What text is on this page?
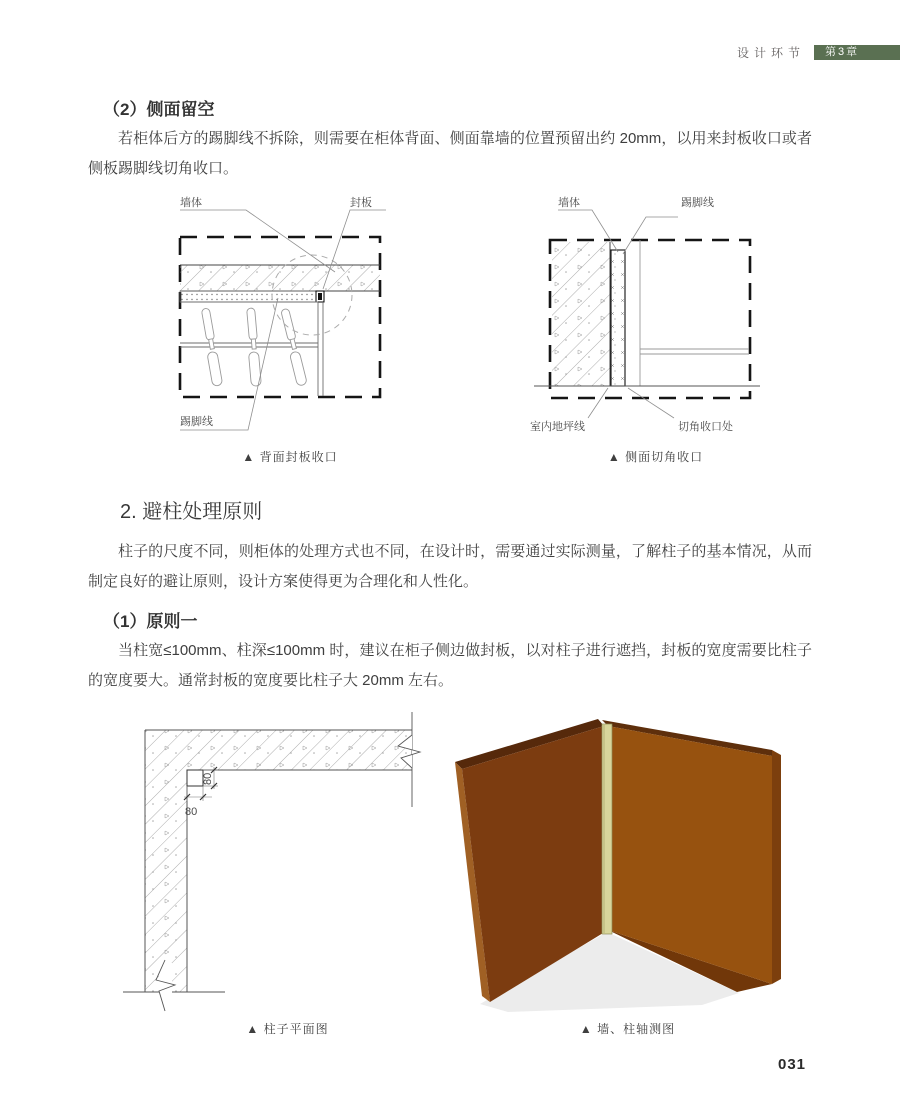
设计环节	第3章
（2）侧面留空
若柜体后方的踢脚线不拆除，则需要在柜体背面、侧面靠墙的位置预留出约 20mm，以用来封板收口或者侧板踢脚线切角收口。
墙体	封板
踢脚线
▲ 背面封板收口
墙体	踢脚线
室内地坪线	切角收口处
▲ 侧面切角收口
2. 避柱处理原则
柱子的尺度不同，则柜体的处理方式也不同，在设计时，需要通过实际测量，了解柱子的基本情况，从而制定良好的避让原则，设计方案使得更为合理化和人性化。
（1）原则一
当柱宽≤100mm、柱深≤100mm 时，建议在柜子侧边做封板，以对柱子进行遮挡，封板的宽度需要比柱子的宽度要大。通常封板的宽度要比柱子大 20mm 左右。
80
80
▲ 柱子平面图	▲ 墙、柱轴测图
031
